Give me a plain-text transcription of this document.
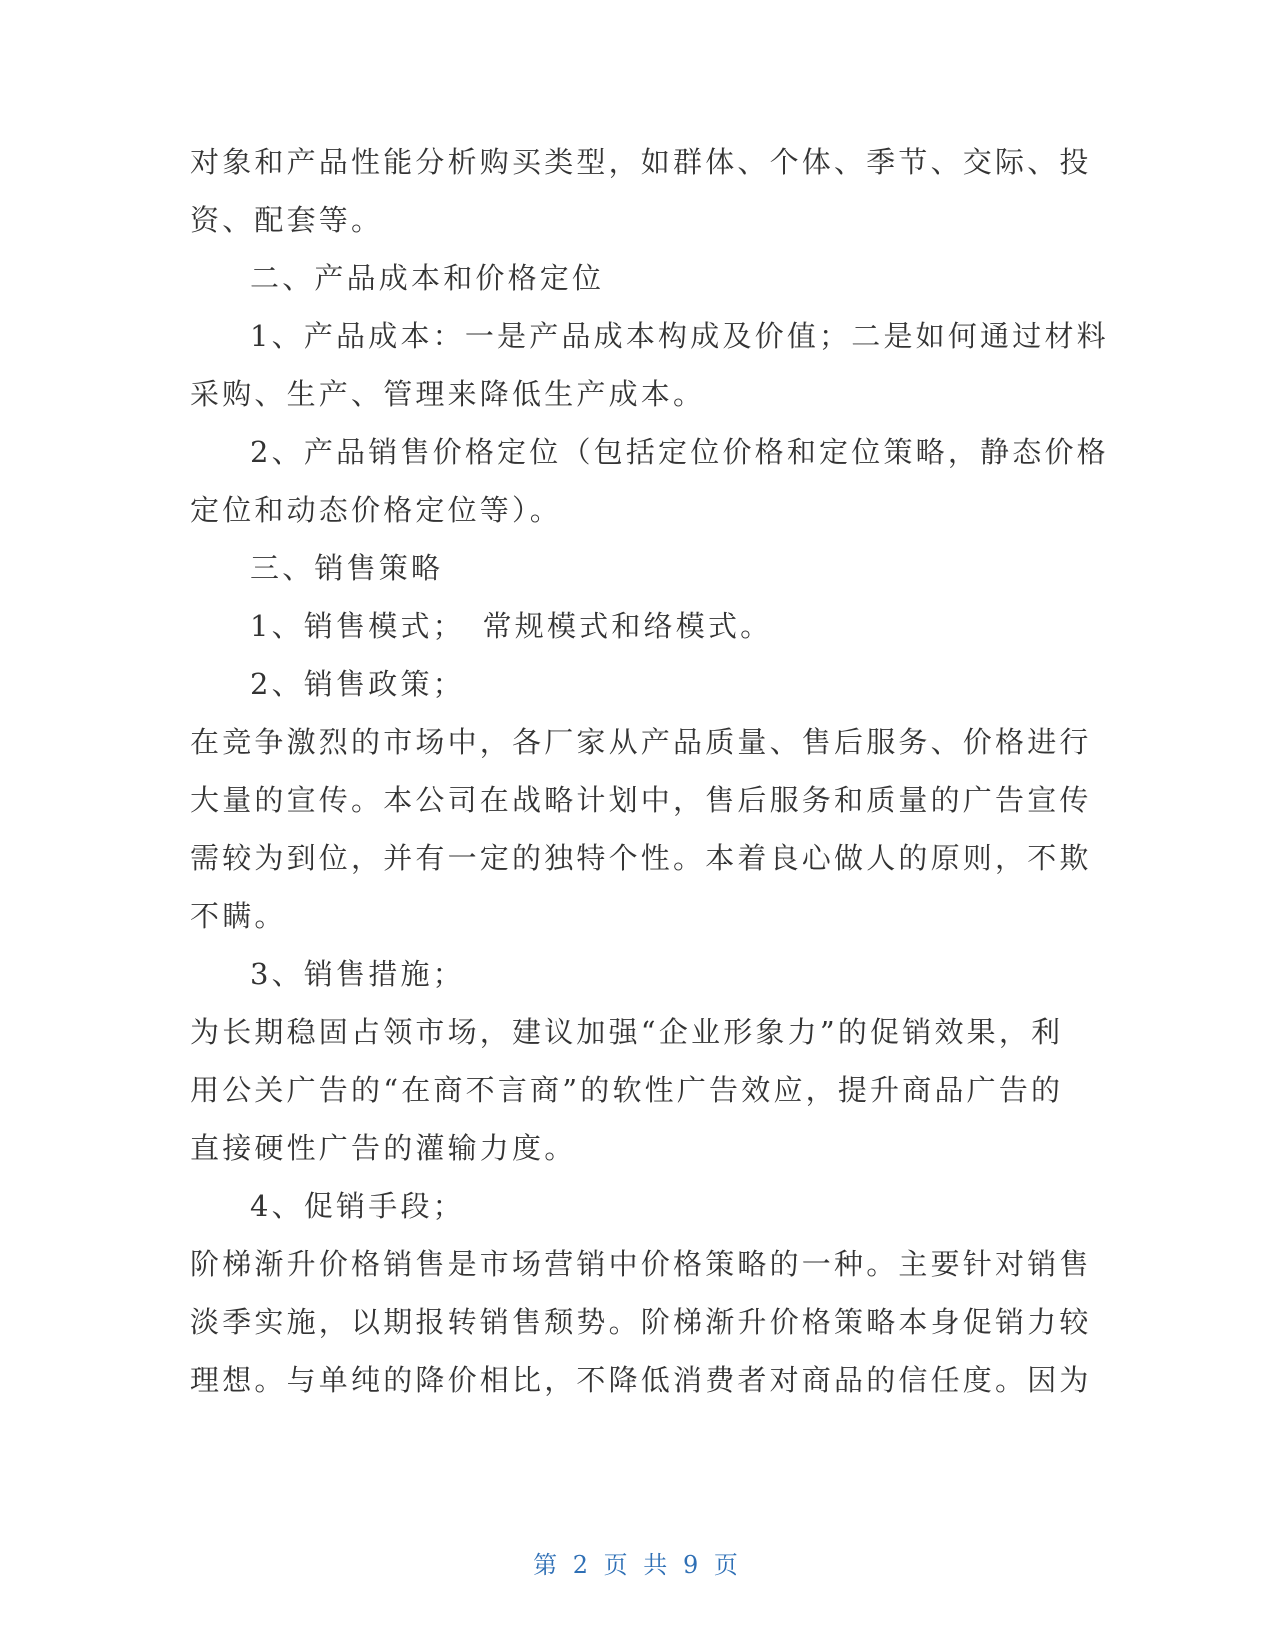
对象和产品性能分析购买类型，如群体、个体、季节、交际、投
资、配套等。
二、产品成本和价格定位
1、产品成本：一是产品成本构成及价值；二是如何通过材料
采购、生产、管理来降低生产成本。
2、产品销售价格定位（包括定位价格和定位策略，静态价格
定位和动态价格定位等）。
三、销售策略
1、销售模式；　常规模式和络模式。
2、销售政策；
在竞争激烈的市场中，各厂家从产品质量、售后服务、价格进行
大量的宣传。本公司在战略计划中，售后服务和质量的广告宣传
需较为到位，并有一定的独特个性。本着良心做人的原则，不欺
不瞒。
3、销售措施；
为长期稳固占领市场，建议加强“企业形象力”的促销效果，利
用公关广告的“在商不言商”的软性广告效应，提升商品广告的
直接硬性广告的灌输力度。
4、促销手段；
阶梯渐升价格销售是市场营销中价格策略的一种。主要针对销售
淡季实施，以期报转销售颓势。阶梯渐升价格策略本身促销力较
理想。与单纯的降价相比，不降低消费者对商品的信任度。因为
第 2 页 共 9 页
